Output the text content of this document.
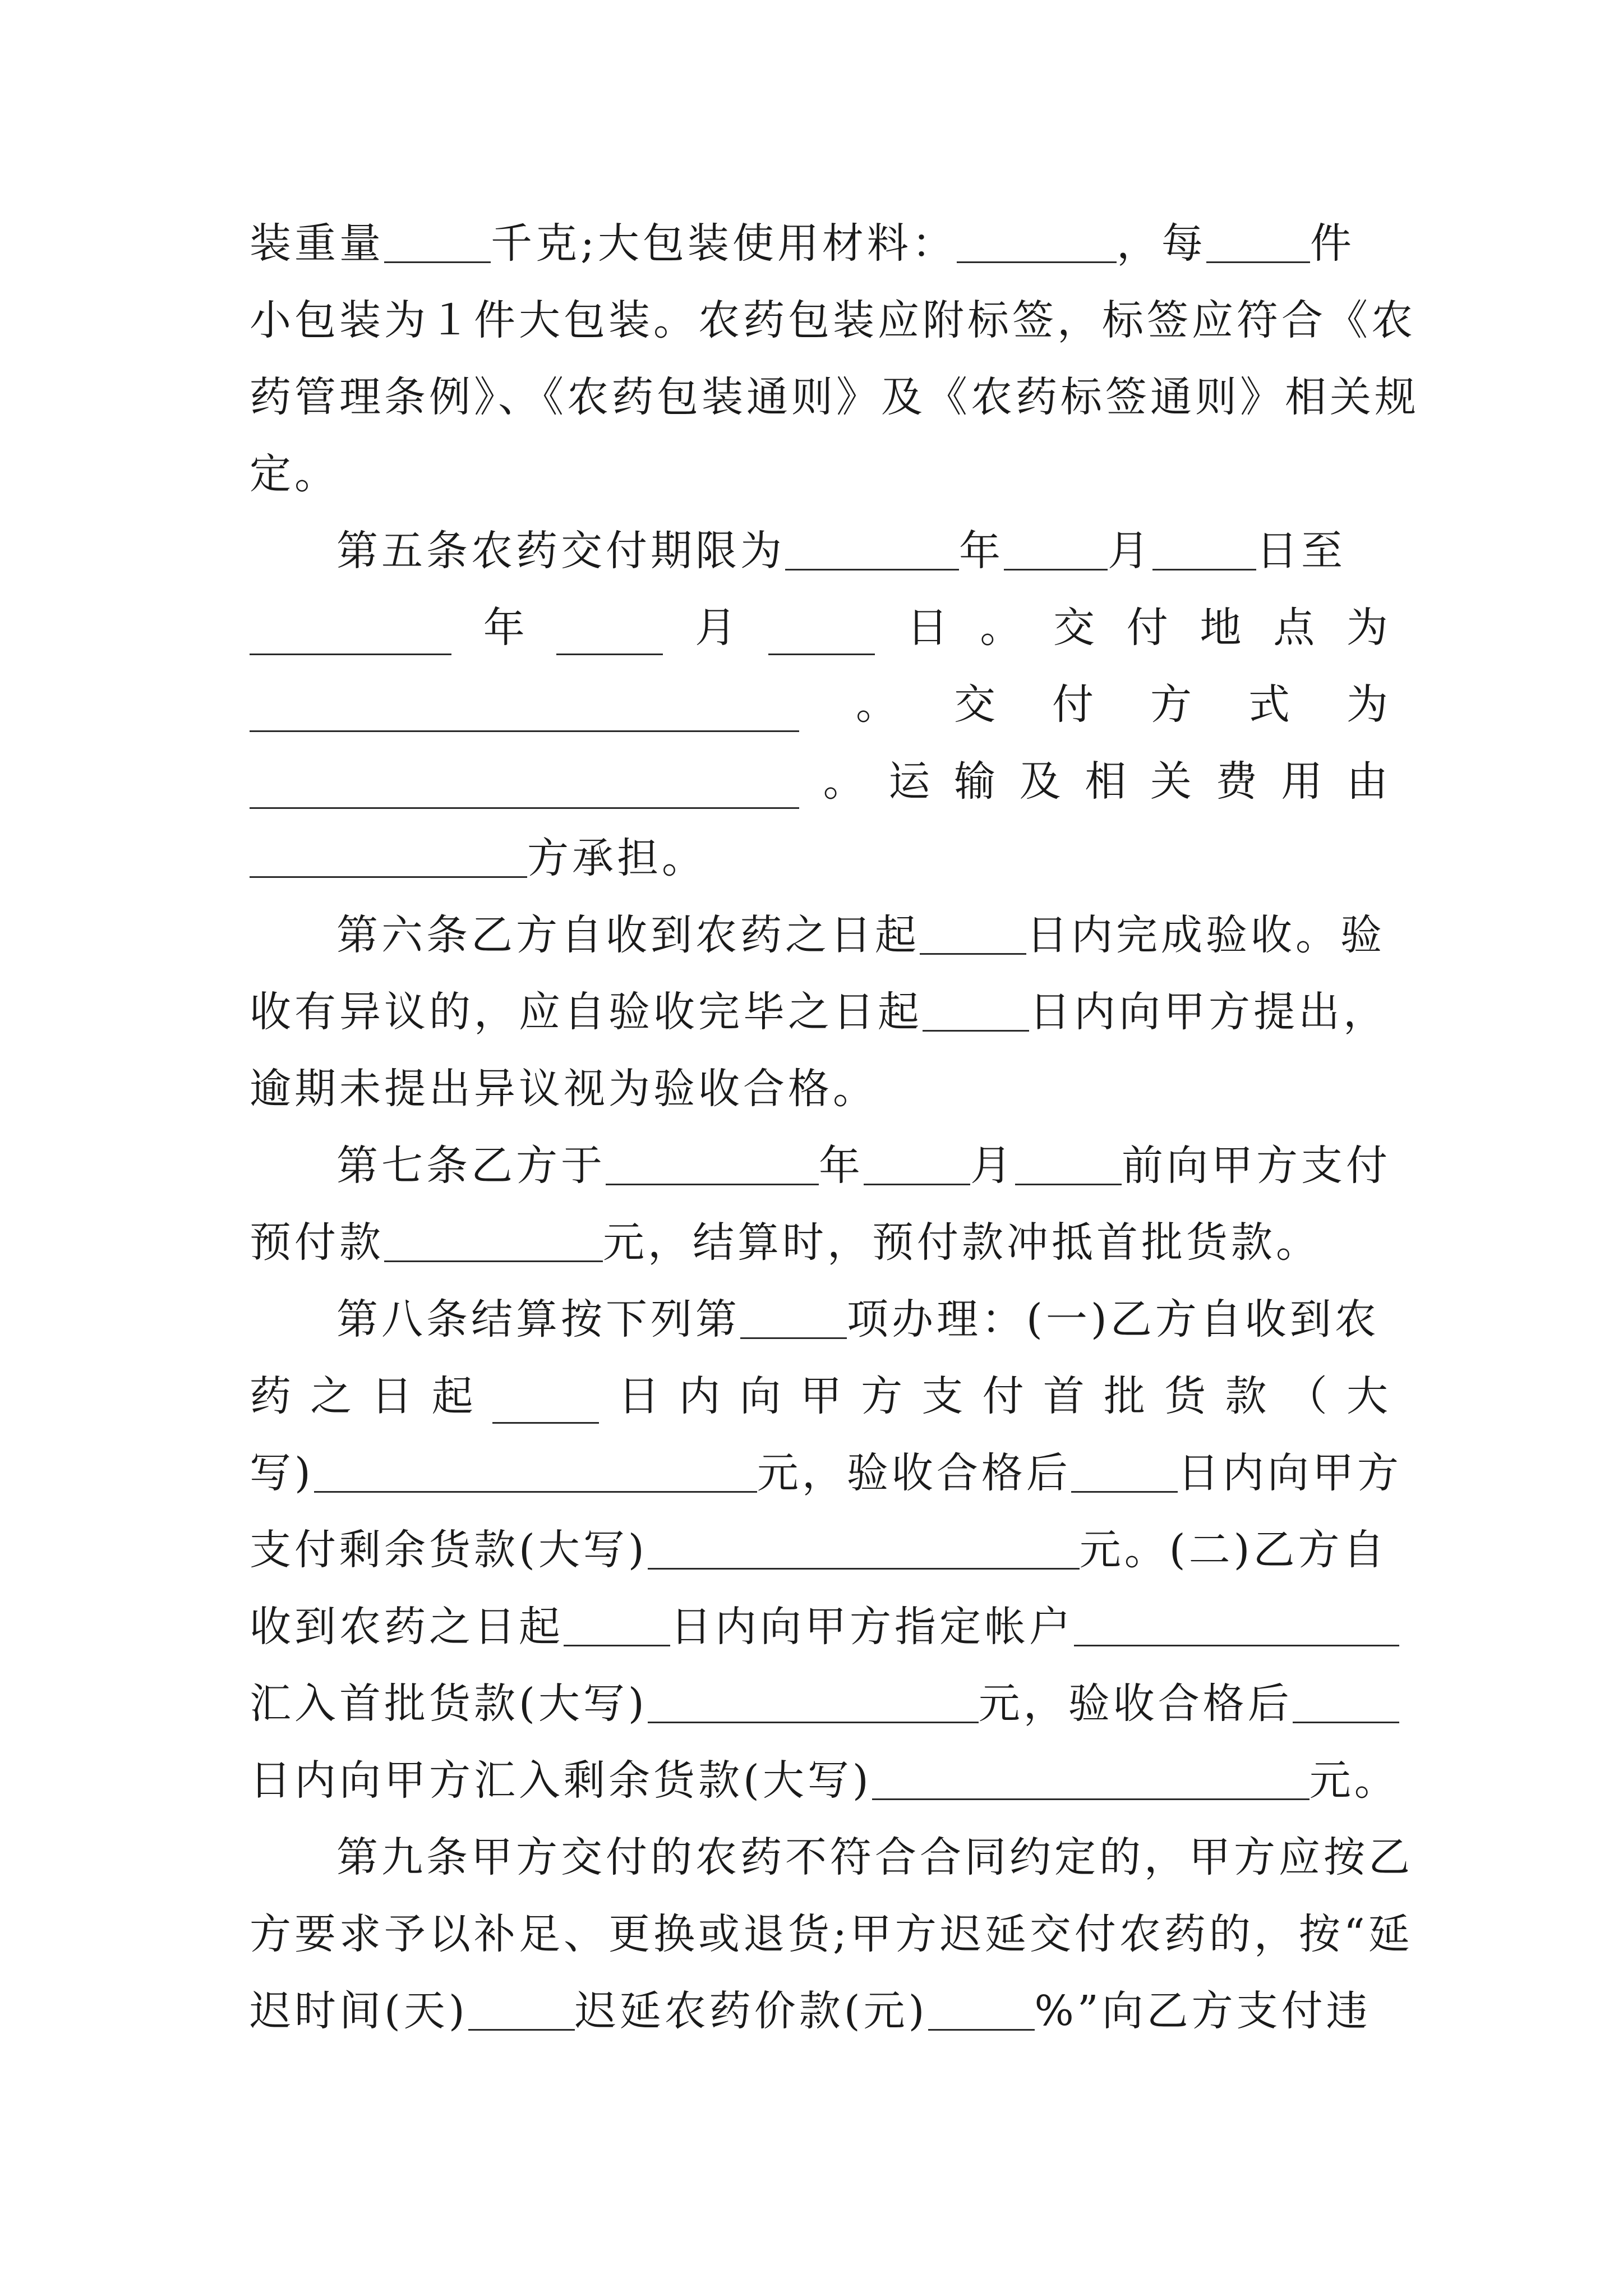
装重量	千克;大包装使用材料：	，每	件
小包装为１件大包装。农药包装应附标签，标签应符合《农
药管理条例》、《农药包装通则》及《农药标签通则》相关规
定。
第五条农药交付期限为	年	月	日至
年	月	日 。 交 付 地 点 为
。 交 付 方 式 为
。 运 输 及 相 关 费 用 由
方承担。
第六条乙方自收到农药之日起	日内完成验收。验
收有异议的，应自验收完毕之日起	日内向甲方提出，
逾期未提出异议视为验收合格。
第七条乙方于	年	月	前向甲方支付
预付款	元，结算时，预付款冲抵首批货款。
第八条结算按下列第	项办理：(一)乙方自收到农
药 之 日 起	日 内 向 甲 方 支 付 首 批 货 款 （ 大
写)	元，验收合格后	日内向甲方
支付剩余货款(大写)	元。(二)乙方自
收到农药之日起	日内向甲方指定帐户
汇入首批货款(大写)	元，验收合格后
日内向甲方汇入剩余货款(大写)	元。
第九条甲方交付的农药不符合合同约定的，甲方应按乙
方要求予以补足、更换或退货;甲方迟延交付农药的，按“延
迟时间(天)	迟延农药价款(元)	%”向乙方支付违
